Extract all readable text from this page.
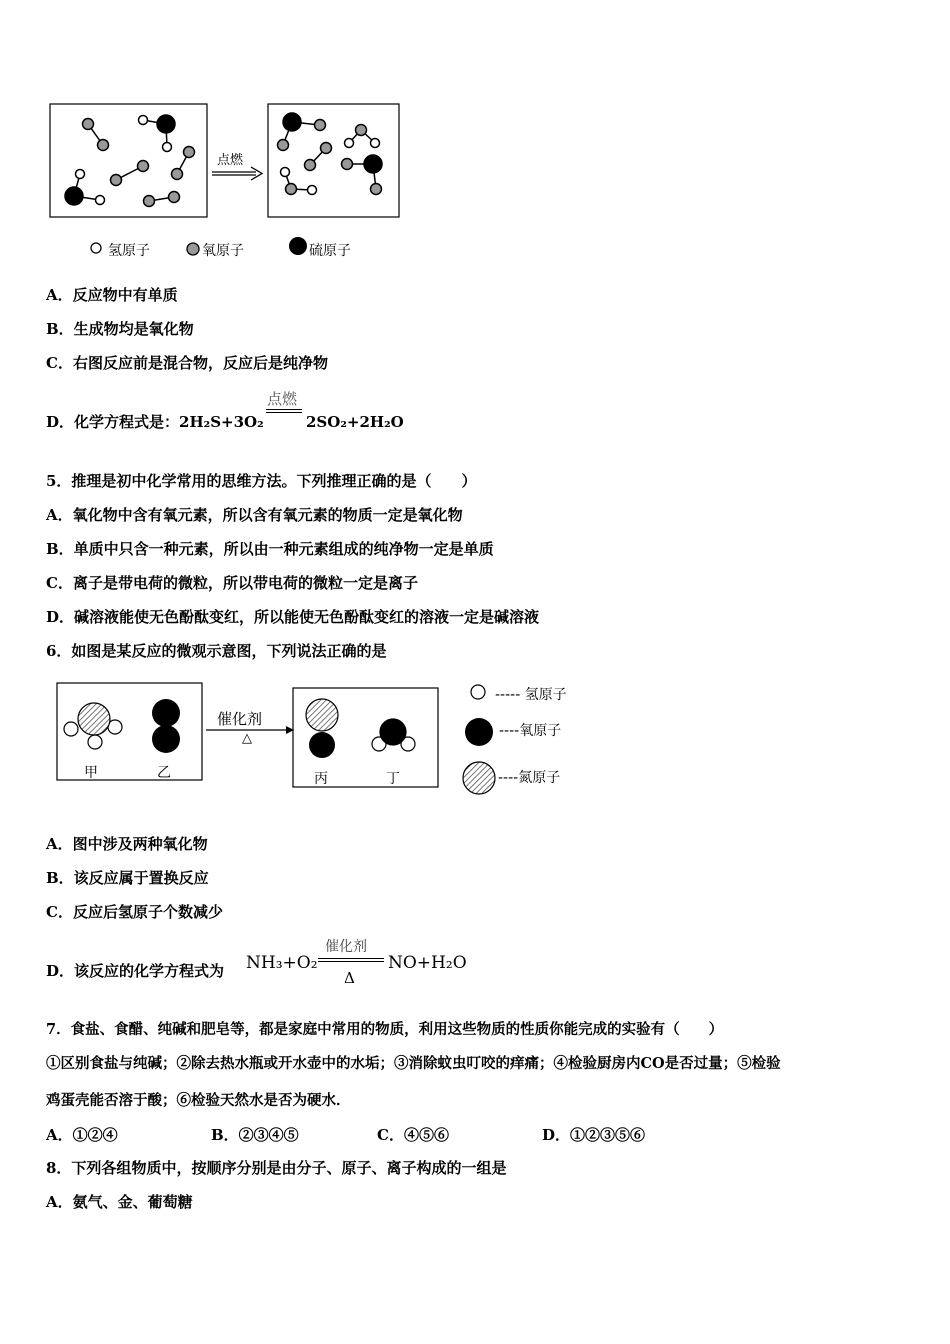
点燃
氢原子	氧原子	硫原子
A．反应物中有单质
B．生成物均是氧化物
C．右图反应前是混合物，反应后是纯净物
D．化学方程式是：2H₂S+3O₂
点燃
2SO₂+2H₂O
5．推理是初中化学常用的思维方法。下列推理正确的是（　　）
A．氧化物中含有氧元素，所以含有氧元素的物质一定是氧化物
B．单质中只含一种元素，所以由一种元素组成的纯净物一定是单质
C．离子是带电荷的微粒，所以带电荷的微粒一定是离子
D．碱溶液能使无色酚酞变红，所以能使无色酚酞变红的溶液一定是碱溶液
6．如图是某反应的微观示意图，下列说法正确的是
甲	乙	丙	丁
催化剂
△
----- 氢原子
----氧原子
----氮原子
A．图中涉及两种氧化物
B．该反应属于置换反应
C．反应后氢原子个数减少
D．该反应的化学方程式为 NH₃+O₂
催化剂
Δ
NO+H₂O
7．食盐、食醋、纯碱和肥皂等，都是家庭中常用的物质，利用这些物质的性质你能完成的实验有（　　）
①区别食盐与纯碱；②除去热水瓶或开水壶中的水垢；③消除蚊虫叮咬的痒痛；④检验厨房内CO是否过量；⑤检验
鸡蛋壳能否溶于酸；⑥检验天然水是否为硬水．
A．①②④	B．②③④⑤	C．④⑤⑥	D．①②③⑤⑥
8．下列各组物质中，按顺序分别是由分子、原子、离子构成的一组是
A．氨气、金、葡萄糖
